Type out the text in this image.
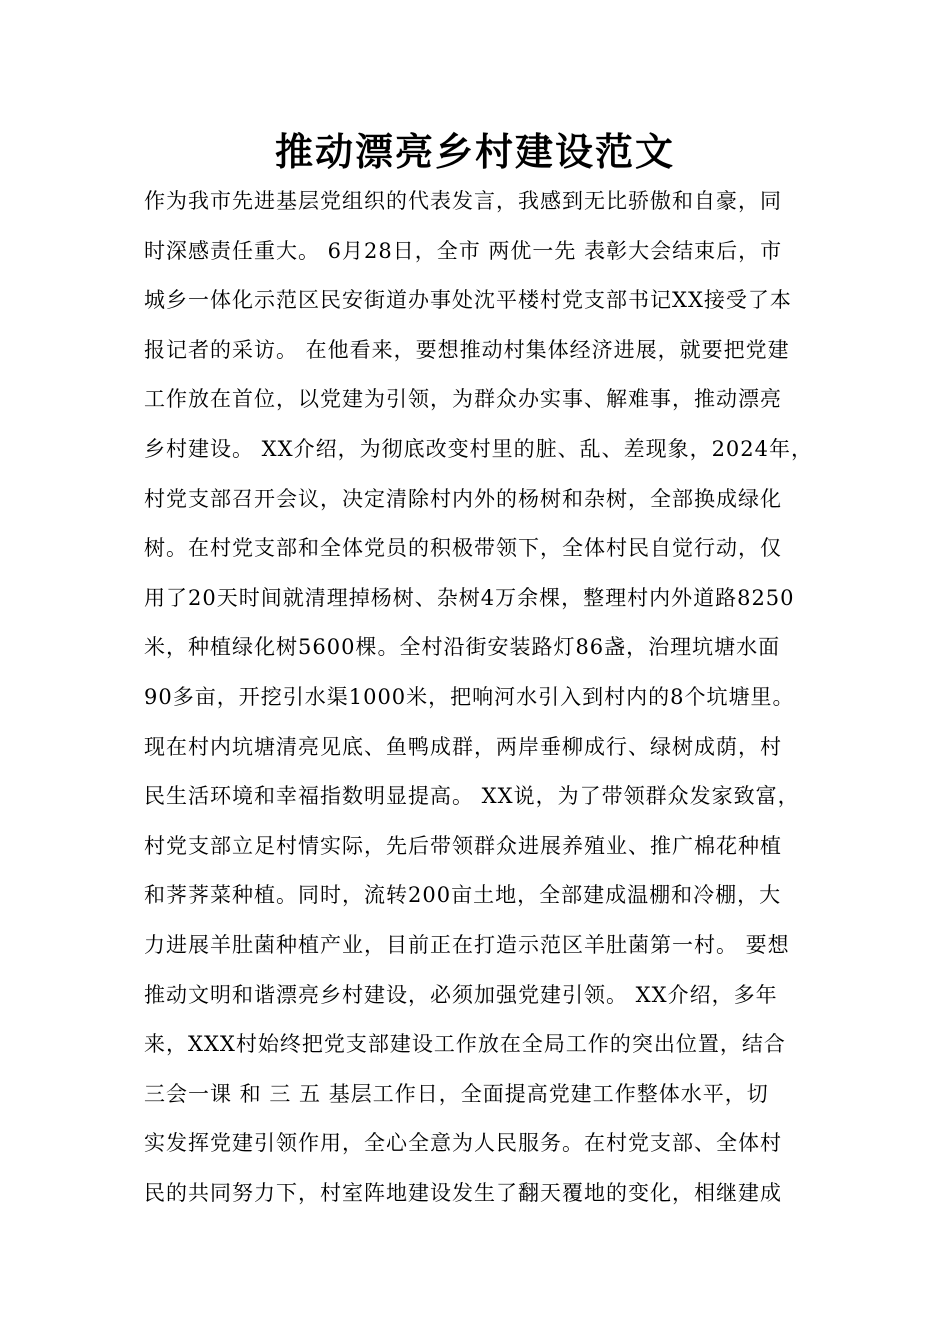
推动漂亮乡村建设范文
作为我市先进基层党组织的代表发言，我感到无比骄傲和自豪，同
时深感责任重大。 6月28日，全市 两优一先 表彰大会结束后，市
城乡一体化示范区民安街道办事处沈平楼村党支部书记XX接受了本
报记者的采访。 在他看来，要想推动村集体经济进展，就要把党建
工作放在首位，以党建为引领，为群众办实事、解难事，推动漂亮
乡村建设。 XX介绍，为彻底改变村里的脏、乱、差现象，2024年，
村党支部召开会议，决定清除村内外的杨树和杂树，全部换成绿化
树。在村党支部和全体党员的积极带领下，全体村民自觉行动，仅
用了20天时间就清理掉杨树、杂树4万余棵，整理村内外道路8250
米，种植绿化树5600棵。全村沿街安装路灯86盏，治理坑塘水面
90多亩，开挖引水渠1000米，把响河水引入到村内的8个坑塘里。
现在村内坑塘清亮见底、鱼鸭成群，两岸垂柳成行、绿树成荫，村
民生活环境和幸福指数明显提高。 XX说，为了带领群众发家致富，
村党支部立足村情实际，先后带领群众进展养殖业、推广棉花种植
和荠荠菜种植。同时，流转200亩土地，全部建成温棚和冷棚，大
力进展羊肚菌种植产业，目前正在打造示范区羊肚菌第一村。 要想
推动文明和谐漂亮乡村建设，必须加强党建引领。 XX介绍，多年
来，XXX村始终把党支部建设工作放在全局工作的突出位置，结合
三会一课 和 三 五 基层工作日，全面提高党建工作整体水平，切
实发挥党建引领作用，全心全意为人民服务。在村党支部、全体村
民的共同努力下，村室阵地建设发生了翻天覆地的变化，相继建成
